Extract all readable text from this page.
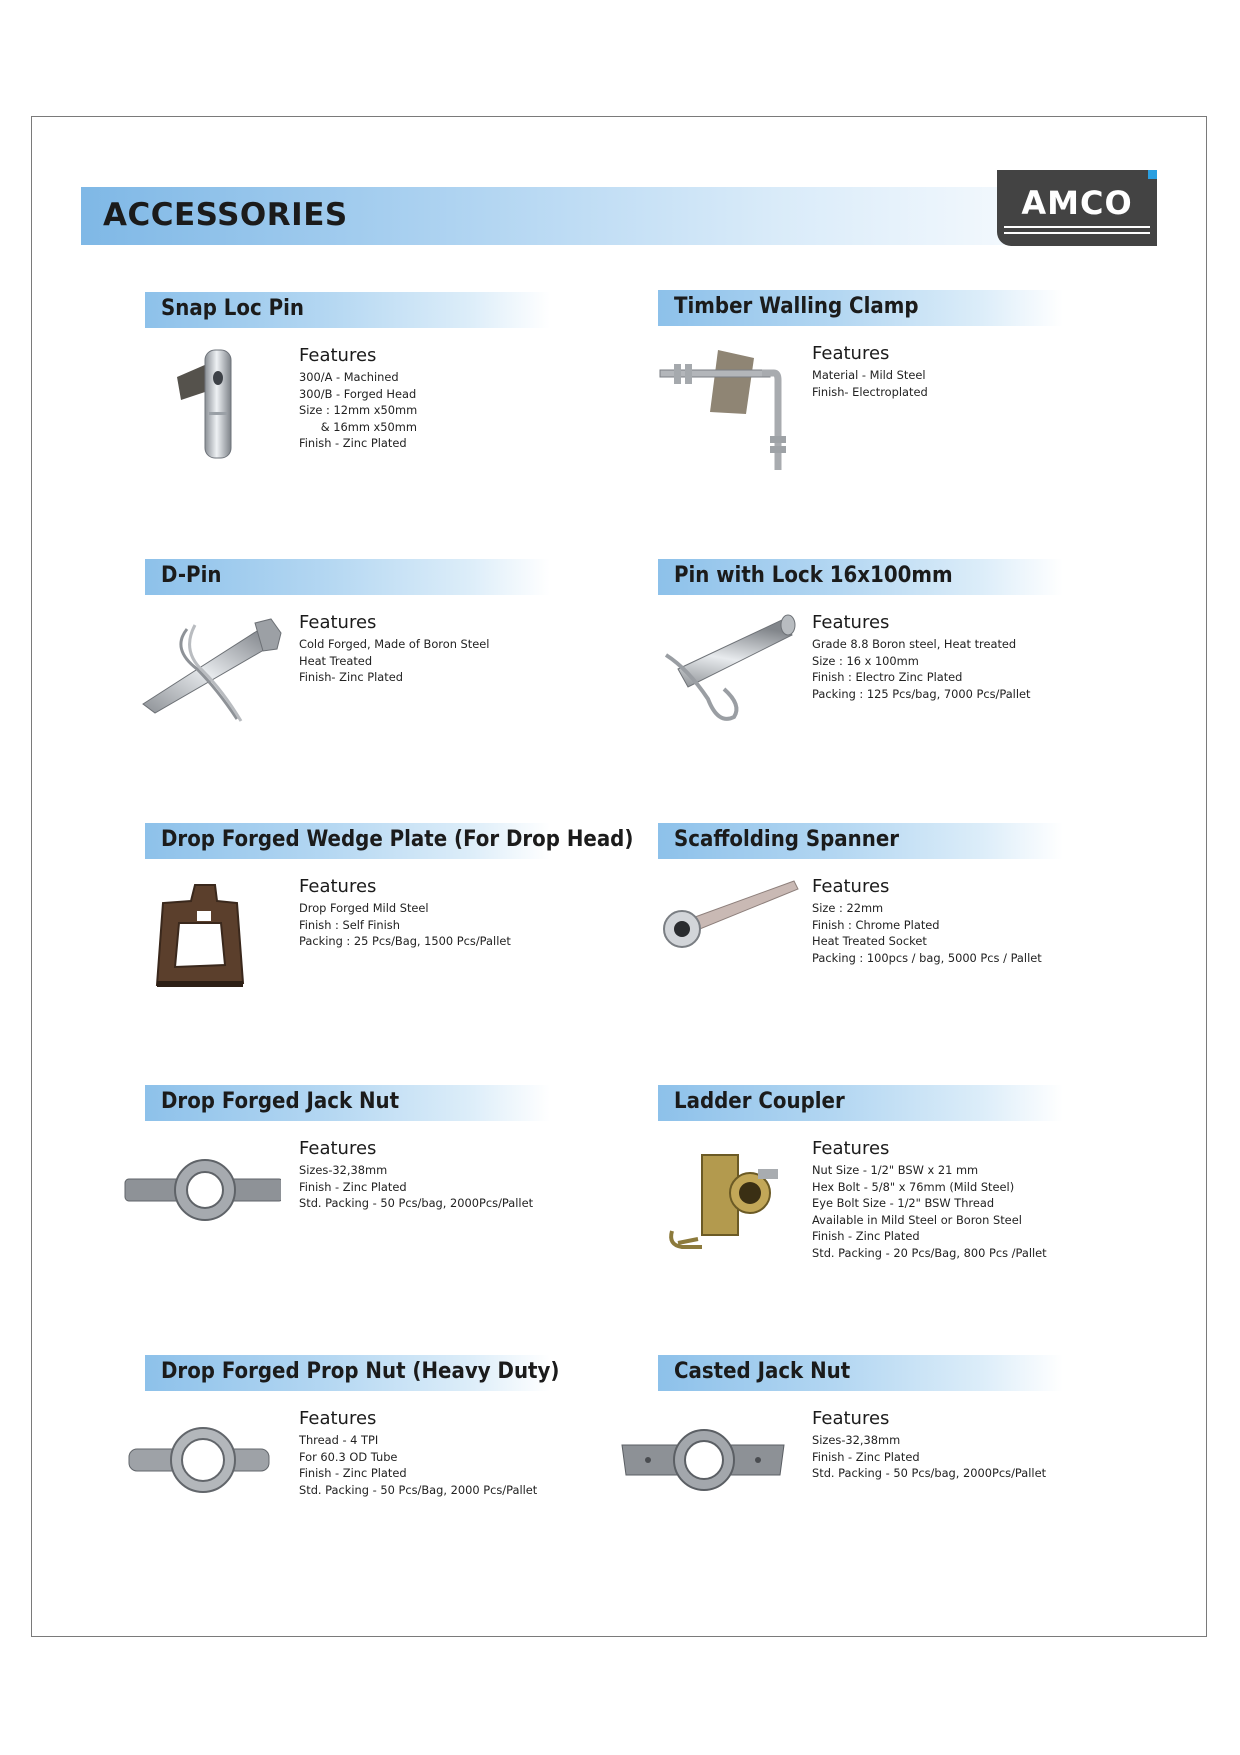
ACCESSORIES	AMCO
Snap Loc Pin
Features
300/A - Machined
300/B - Forged Head
Size : 12mm x50mm
& 16mm x50mm
Finish - Zinc Plated
Timber Walling Clamp
Features
Material - Mild Steel
Finish- Electroplated
D-Pin
Features
Cold Forged, Made of Boron Steel
Heat Treated
Finish- Zinc Plated
Pin with Lock 16x100mm
Features
Grade 8.8 Boron steel, Heat treated
Size : 16 x 100mm
Finish : Electro Zinc Plated
Packing : 125 Pcs/bag, 7000 Pcs/Pallet
Drop Forged Wedge Plate (For Drop Head)
Features
Drop Forged Mild Steel
Finish : Self Finish
Packing : 25 Pcs/Bag, 1500 Pcs/Pallet
Scaffolding Spanner
Features
Size : 22mm
Finish : Chrome Plated
Heat Treated Socket
Packing : 100pcs / bag, 5000 Pcs / Pallet
Drop Forged Jack Nut
Features
Sizes-32,38mm
Finish - Zinc Plated
Std. Packing - 50 Pcs/bag, 2000Pcs/Pallet
Ladder Coupler
Features
Nut Size - 1/2" BSW x 21 mm
Hex Bolt - 5/8" x 76mm (Mild Steel)
Eye Bolt Size - 1/2" BSW Thread
Available in Mild Steel or Boron Steel
Finish - Zinc Plated
Std. Packing - 20 Pcs/Bag, 800 Pcs /Pallet
Drop Forged Prop Nut (Heavy Duty)
Features
Thread - 4 TPI
For 60.3 OD Tube
Finish - Zinc Plated
Std. Packing - 50 Pcs/Bag, 2000 Pcs/Pallet
Casted Jack Nut
Features
Sizes-32,38mm
Finish - Zinc Plated
Std. Packing - 50 Pcs/bag, 2000Pcs/Pallet
